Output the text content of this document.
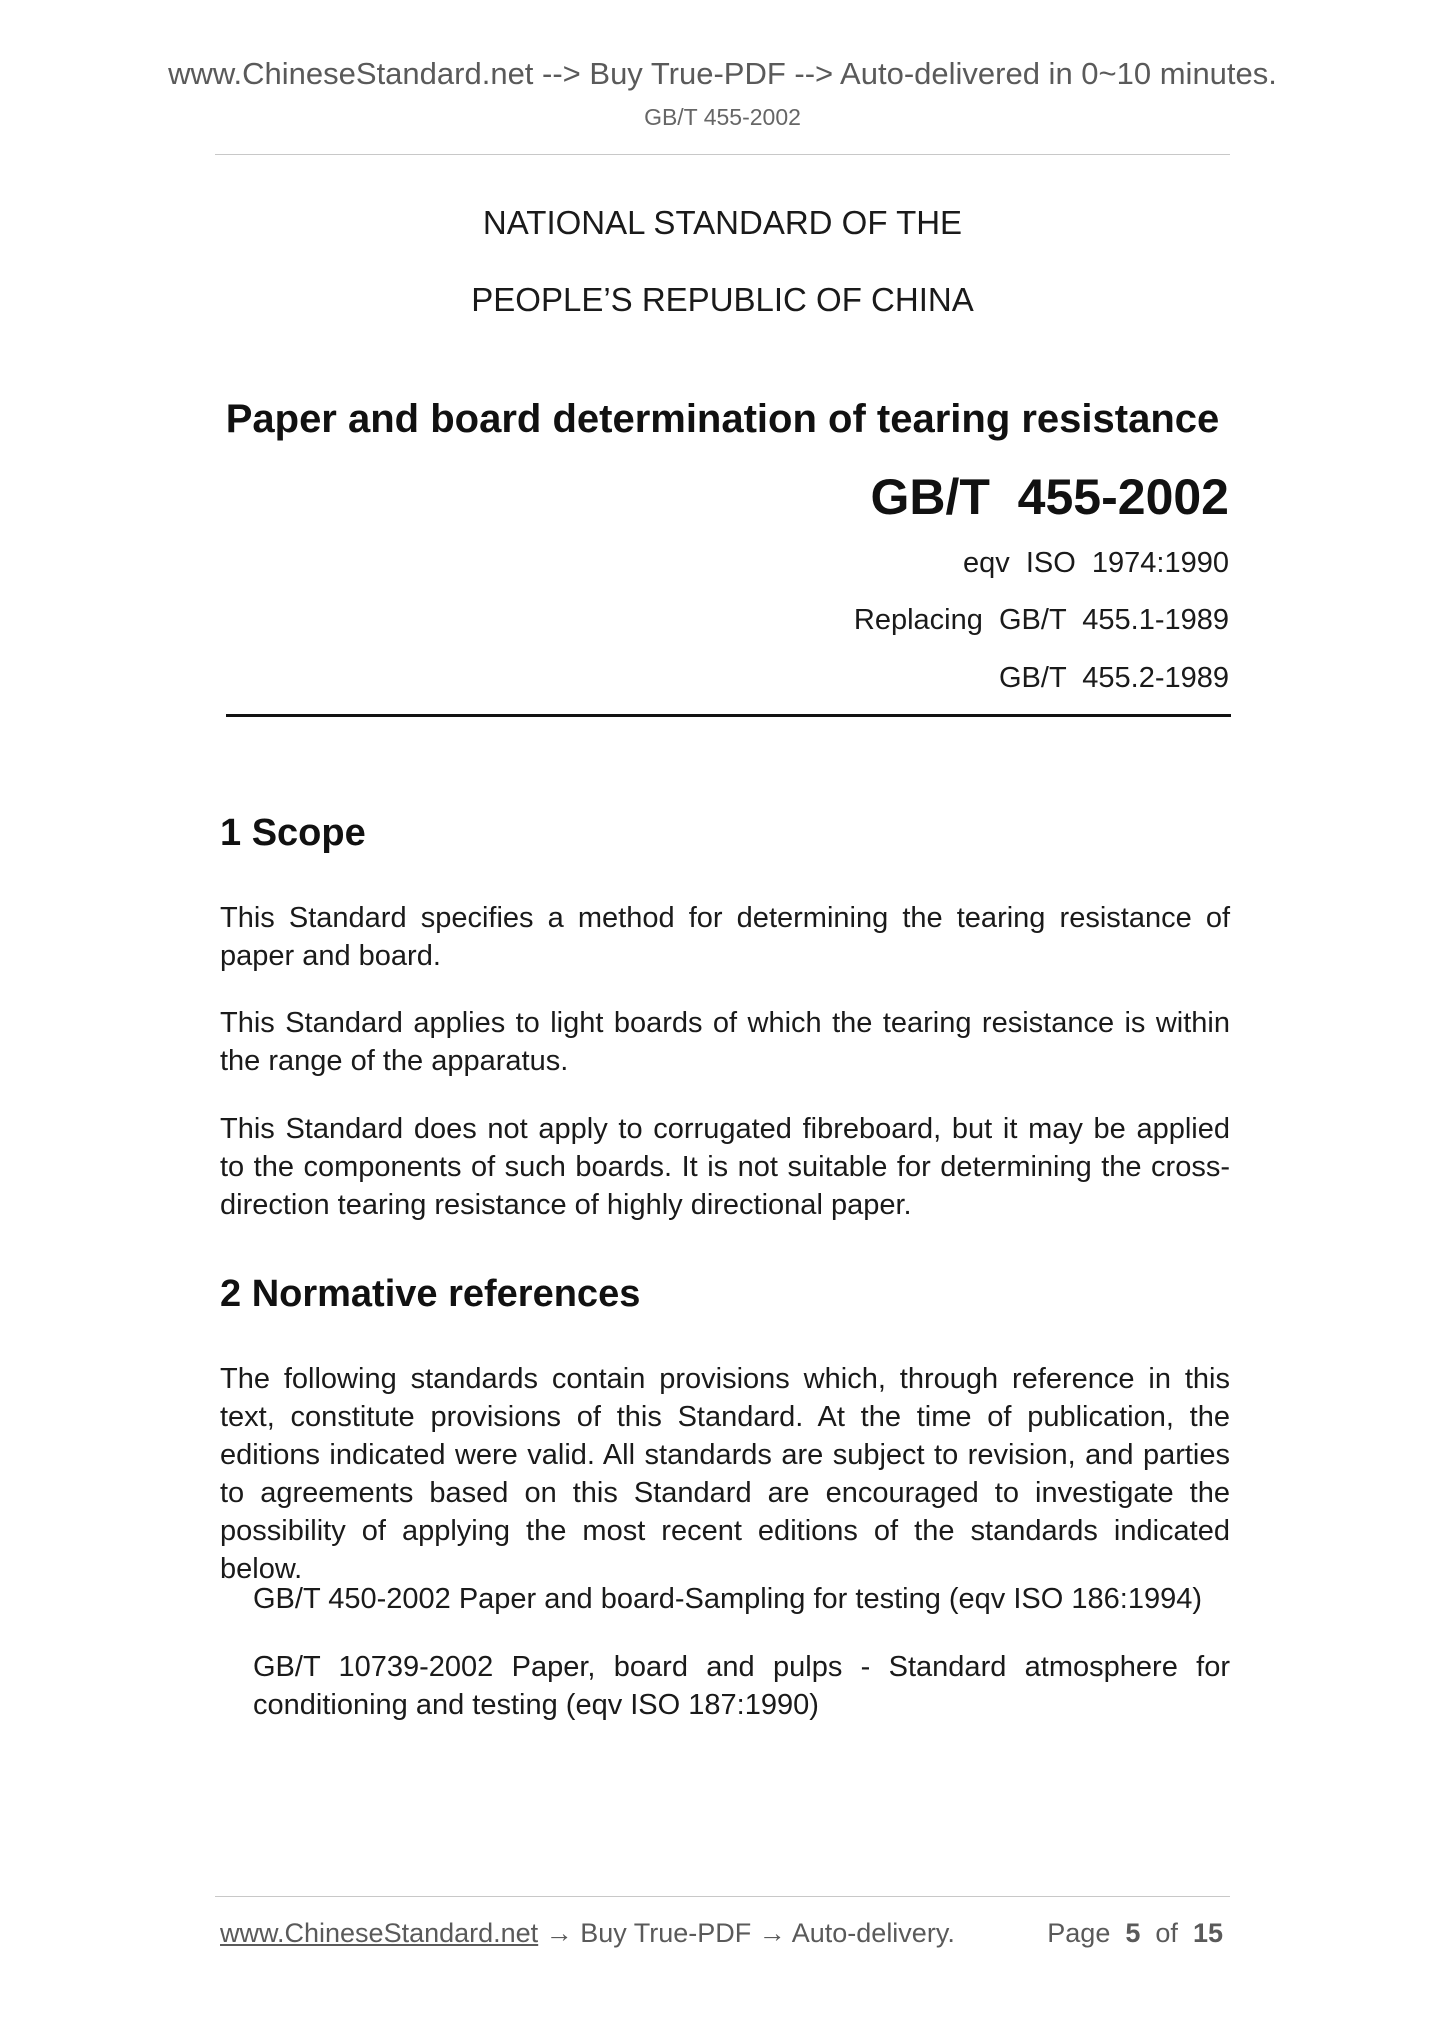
www.ChineseStandard.net --> Buy True-PDF --> Auto-delivered in 0~10 minutes.
GB/T 455-2002
NATIONAL STANDARD OF THE
PEOPLE’S REPUBLIC OF CHINA
Paper and board determination of tearing resistance
GB/T  455-2002
eqv  ISO  1974:1990
Replacing  GB/T  455.1-1989
GB/T  455.2-1989
1 Scope
This Standard specifies a method for determining the tearing resistance of paper and board.
This Standard applies to light boards of which the tearing resistance is within the range of the apparatus.
This Standard does not apply to corrugated fibreboard, but it may be applied to the components of such boards. It is not suitable for determining the cross-direction tearing resistance of highly directional paper.
2 Normative references
The following standards contain provisions which, through reference in this text, constitute provisions of this Standard. At the time of publication, the editions indicated were valid. All standards are subject to revision, and parties to agreements based on this Standard are encouraged to investigate the possibility of applying the most recent editions of the standards indicated below.
GB/T 450-2002 Paper and board-Sampling for testing (eqv ISO 186:1994)
GB/T 10739-2002 Paper, board and pulps - Standard atmosphere for conditioning and testing (eqv ISO 187:1990)
www.ChineseStandard.net → Buy True-PDF → Auto-delivery.	Page 5 of 15
